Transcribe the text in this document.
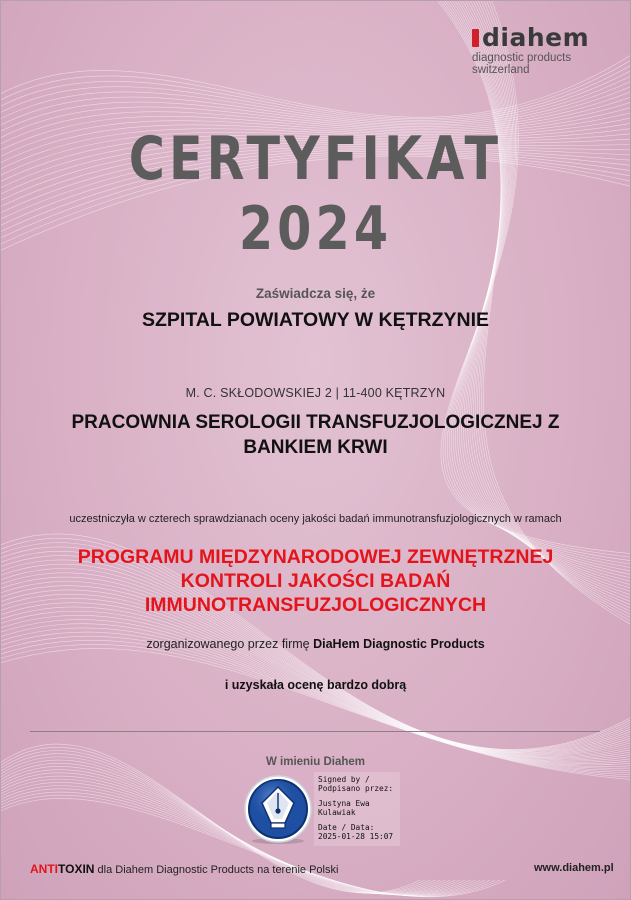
diahem
diagnostic products
switzerland
CERTYFIKAT
2024
Zaświadcza się, że
SZPITAL POWIATOWY W KĘTRZYNIE
M. C. SKŁODOWSKIEJ 2 | 11-400 KĘTRZYN
PRACOWNIA SEROLOGII TRANSFUZJOLOGICZNEJ Z
BANKIEM KRWI
uczestniczyła w czterech sprawdzianach oceny jakości badań immunotransfuzjologicznych w ramach
PROGRAMU MIĘDZYNARODOWEJ ZEWNĘTRZNEJ
KONTROLI JAKOŚCI BADAŃ
IMMUNOTRANSFUZJOLOGICZNYCH
zorganizowanego przez firmę DiaHem Diagnostic Products
i uzyskała ocenę bardzo dobrą
W imieniu Diahem
Signed by /
Podpisano przez:
Justyna Ewa
Kulawiak
Date / Data:
2025-01-28 15:07
ANTITOXIN dla Diahem Diagnostic Products na terenie Polski	www.diahem.pl
